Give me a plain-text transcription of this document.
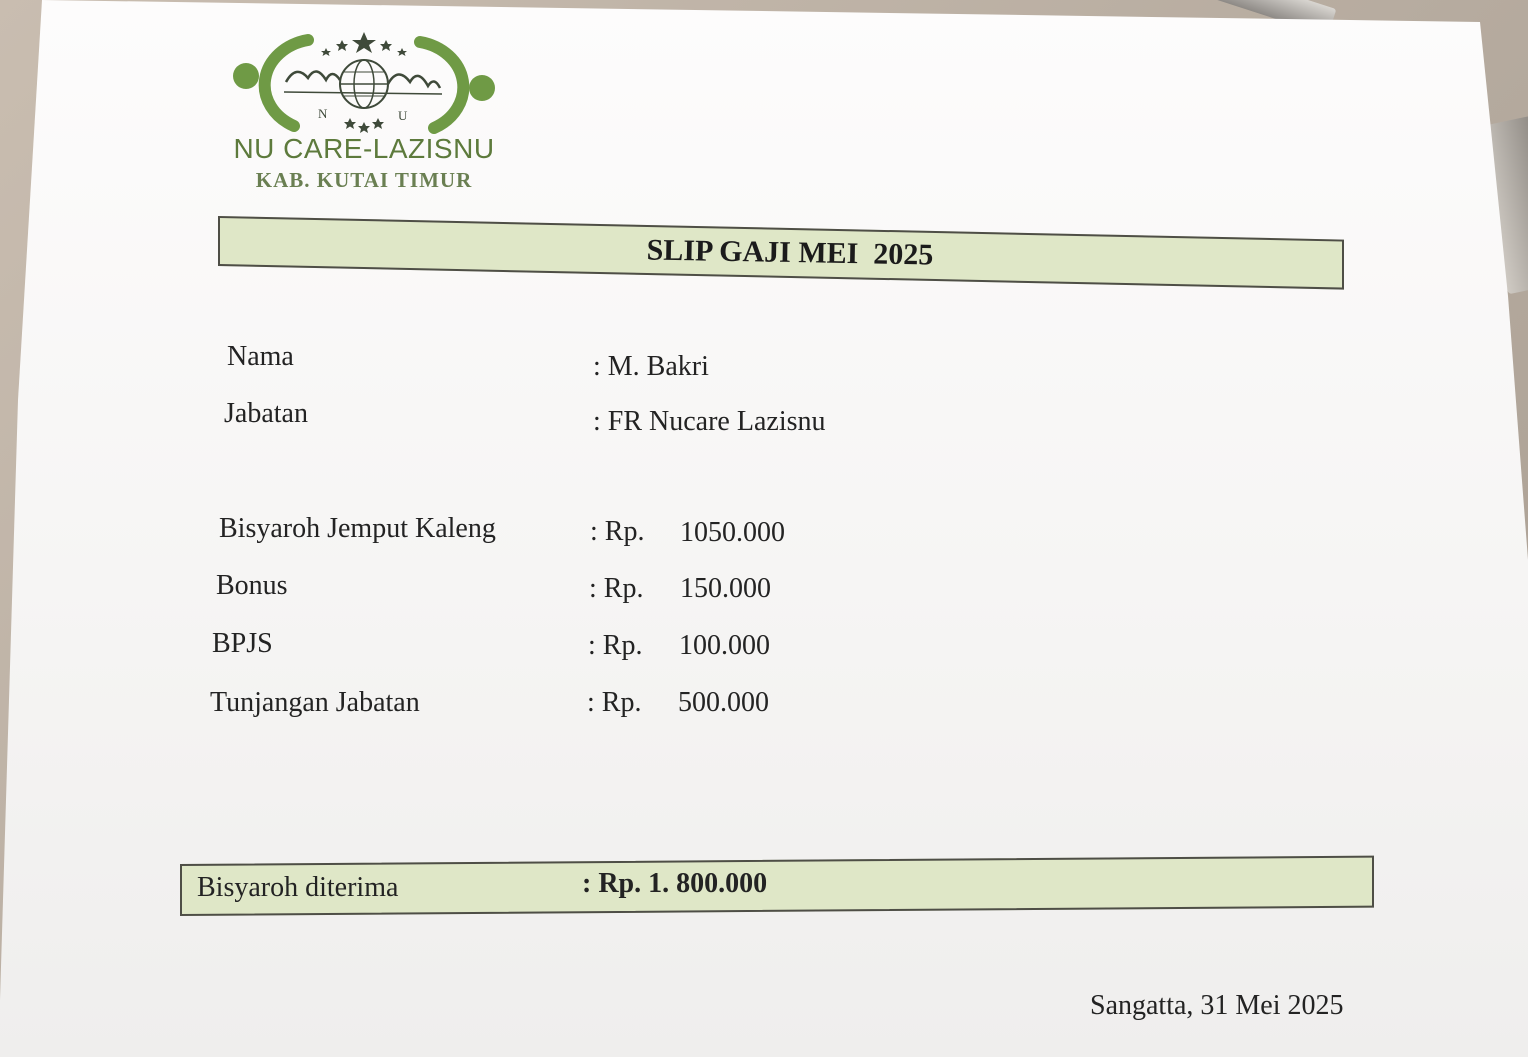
N	U
NU CARE-LAZISNU
KAB. KUTAI TIMUR
SLIP GAJI MEI  2025
Nama	: M. Bakri
Jabatan	: FR Nucare Lazisnu
Bisyaroh Jemput Kaleng	: Rp. 1050.000
Bonus	: Rp. 150.000
BPJS	: Rp. 100.000
Tunjangan Jabatan	: Rp. 500.000
Bisyaroh diterima	: Rp. 1. 800.000
Sangatta, 31 Mei 2025
